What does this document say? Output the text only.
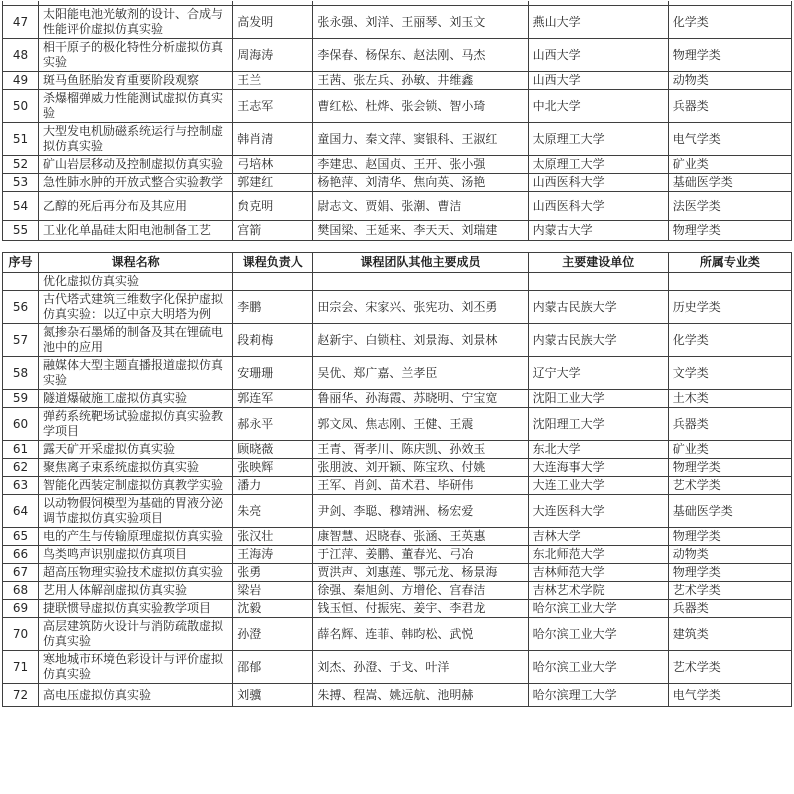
47	太阳能电池光敏剂的设计、合成与性能评价虚拟仿真实验	高发明	张永强、刘洋、王丽琴、刘玉文	燕山大学	化学类
48	相干原子的极化特性分析虚拟仿真实验	周海涛	李保春、杨保东、赵法刚、马杰	山西大学	物理学类
49	斑马鱼胚胎发育重要阶段观察	王兰	王茜、张左兵、孙敏、井维鑫	山西大学	动物类
50	杀爆榴弹威力性能测试虚拟仿真实验	王志军	曹红松、杜烨、张会锁、智小琦	中北大学	兵器类
51	大型发电机励磁系统运行与控制虚拟仿真实验	韩肖清	童国力、秦文萍、窦银科、王淑红	太原理工大学	电气学类
52	矿山岩层移动及控制虚拟仿真实验	弓培林	李建忠、赵国贞、王开、张小强	太原理工大学	矿业类
53	急性肺水肿的开放式整合实验教学	郭建红	杨艳萍、刘清华、焦向英、汤艳	山西医科大学	基础医学类
54	乙醇的死后再分布及其应用	贠克明	尉志文、贾娟、张潮、曹洁	山西医科大学	法医学类
55	工业化单晶硅太阳电池制备工艺	宫箭	樊国梁、王延来、李天天、刘瑞建	内蒙古大学	物理学类
序号	课程名称	课程负责人	课程团队其他主要成员	主要建设单位	所属专业类
	优化虚拟仿真实验				
56	古代塔式建筑三维数字化保护虚拟仿真实验：以辽中京大明塔为例	李鹏	田宗会、宋家兴、张宪功、刘丕勇	内蒙古民族大学	历史学类
57	氮掺杂石墨烯的制备及其在锂硫电池中的应用	段莉梅	赵新宇、白锁柱、刘景海、刘景林	内蒙古民族大学	化学类
58	融媒体大型主题直播报道虚拟仿真实验	安珊珊	吴优、郑广嘉、兰孝臣	辽宁大学	文学类
59	隧道爆破施工虚拟仿真实验	郭连军	鲁丽华、孙海霞、苏晓明、宁宝宽	沈阳工业大学	土木类
60	弹药系统靶场试验虚拟仿真实验教学项目	郝永平	郭文凤、焦志刚、王健、王震	沈阳理工大学	兵器类
61	露天矿开采虚拟仿真实验	顾晓薇	王青、胥孝川、陈庆凯、孙效玉	东北大学	矿业类
62	聚焦离子束系统虚拟仿真实验	张映辉	张朋波、刘开颖、陈宝玖、付姚	大连海事大学	物理学类
63	智能化西装定制虚拟仿真教学实验	潘力	王军、肖剑、苗术君、毕研伟	大连工业大学	艺术学类
64	以动物假饲模型为基础的胃液分泌调节虚拟仿真实验项目	朱亮	尹剑、李聪、穆靖洲、杨宏爱	大连医科大学	基础医学类
65	电的产生与传输原理虚拟仿真实验	张汉壮	康智慧、迟晓春、张涵、王英惠	吉林大学	物理学类
66	鸟类鸣声识别虚拟仿真项目	王海涛	于江萍、姜鹏、董春光、弓冶	东北师范大学	动物类
67	超高压物理实验技术虚拟仿真实验	张勇	贾洪声、刘惠莲、鄂元龙、杨景海	吉林师范大学	物理学类
68	艺用人体解剖虚拟仿真实验	梁岩	徐强、秦旭剑、方增伦、宫春洁	吉林艺术学院	艺术学类
69	捷联惯导虚拟仿真实验教学项目	沈毅	钱玉恒、付振宪、姜宇、李君龙	哈尔滨工业大学	兵器类
70	高层建筑防火设计与消防疏散虚拟仿真实验	孙澄	薛名辉、连菲、韩昀松、武悦	哈尔滨工业大学	建筑类
71	寒地城市环境色彩设计与评价虚拟仿真实验	邵郁	刘杰、孙澄、于戈、叶洋	哈尔滨工业大学	艺术学类
72	高电压虚拟仿真实验	刘骥	朱搏、程嵩、姚远航、池明赫	哈尔滨理工大学	电气学类
